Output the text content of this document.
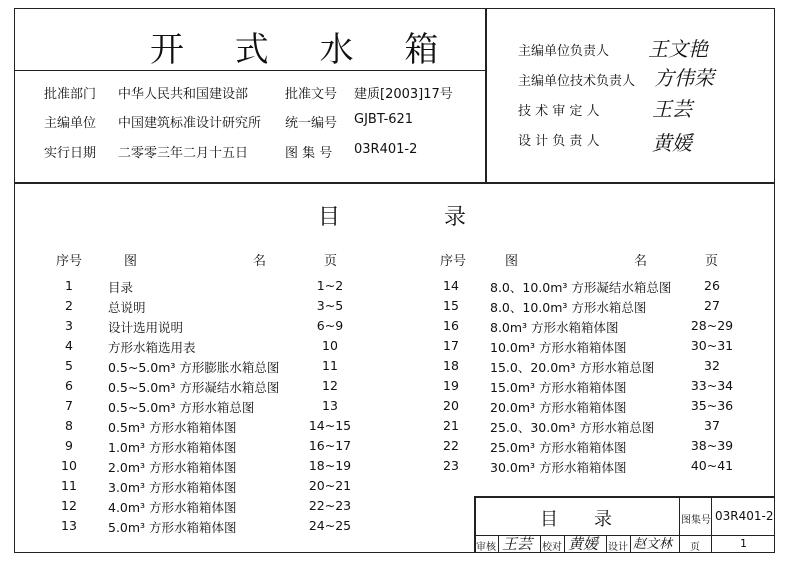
开 式 水 箱
批准部门 中华人民共和国建设部	批准文号 建质[2003]17号
主编单位 中国建筑标准设计研究所 统一编号 GJBT-621
实行日期 二零零三年二月十五日	图 集 号 03R401-2
主编单位负责人 王文艳
主编单位技术负责人 方伟荣
技 术 审 定 人	王芸
设 计 负 责 人	黄媛
目	录
序号	图　　名 页	序号	图　　名 页
1	目录	1~2
2	总说明	3~5
3	设计选用说明	6~9
4	方形水箱选用表	10
5	0.5~5.0m³ 方形膨胀水箱总图	11
6	0.5~5.0m³ 方形凝结水箱总图	12
7	0.5~5.0m³ 方形水箱总图	13
8	0.5m³ 方形水箱箱体图	14~15
9	1.0m³ 方形水箱箱体图	16~17
10	2.0m³ 方形水箱箱体图	18~19
11	3.0m³ 方形水箱箱体图	20~21
12	4.0m³ 方形水箱箱体图	22~23
13	5.0m³ 方形水箱箱体图	24~25
14	8.0、10.0m³ 方形凝结水箱总图	26
15	8.0、10.0m³ 方形水箱总图	27
16	8.0m³ 方形水箱箱体图	28~29
17	10.0m³ 方形水箱箱体图	30~31
18	15.0、20.0m³ 方形水箱总图	32
19	15.0m³ 方形水箱箱体图	33~34
20	20.0m³ 方形水箱箱体图	35~36
21	25.0、30.0m³ 方形水箱总图	37
22	25.0m³ 方形水箱箱体图	38~39
23	30.0m³ 方形水箱箱体图	40~41
目　　录	图集号 03R401-2
审核 王芸 校对 黄媛 设计 赵文林 页	1
